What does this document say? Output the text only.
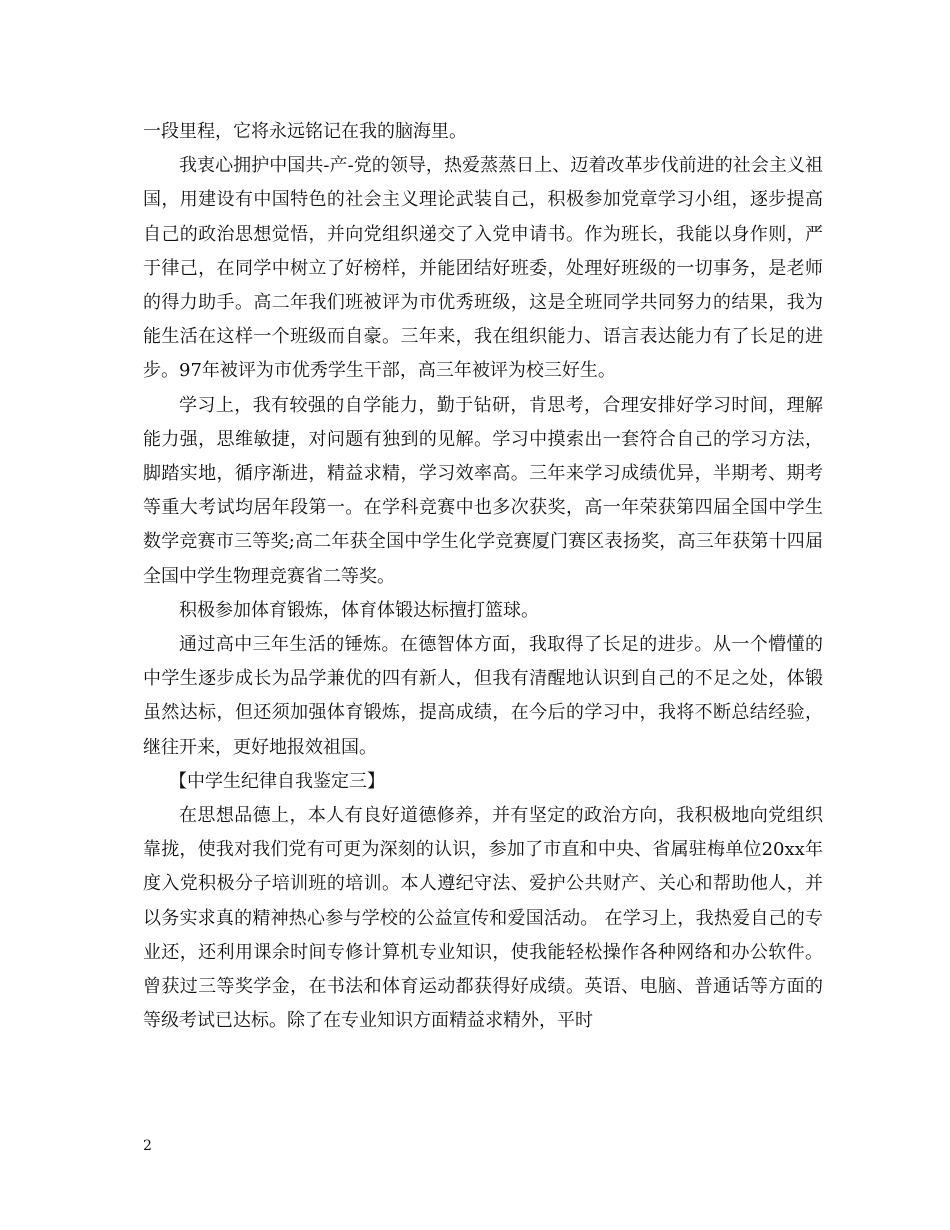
一段里程，它将永远铭记在我的脑海里。

我衷心拥护中国共-产-党的领导，热爱蒸蒸日上、迈着改革步伐前进的社会主义祖国，用建设有中国特色的社会主义理论武装自己，积极参加党章学习小组，逐步提高自己的政治思想觉悟，并向党组织递交了入党申请书。作为班长，我能以身作则，严于律己，在同学中树立了好榜样，并能团结好班委，处理好班级的一切事务，是老师的得力助手。高二年我们班被评为市优秀班级，这是全班同学共同努力的结果，我为能生活在这样一个班级而自豪。三年来，我在组织能力、语言表达能力有了长足的进步。97年被评为市优秀学生干部，高三年被评为校三好生。

学习上，我有较强的自学能力，勤于钻研，肯思考，合理安排好学习时间，理解能力强，思维敏捷，对问题有独到的见解。学习中摸索出一套符合自己的学习方法，脚踏实地，循序渐进，精益求精，学习效率高。三年来学习成绩优异，半期考、期考等重大考试均居年段第一。在学科竞赛中也多次获奖，高一年荣获第四届全国中学生数学竞赛市三等奖;高二年获全国中学生化学竞赛厦门赛区表扬奖，高三年获第十四届全国中学生物理竞赛省二等奖。

积极参加体育锻炼，体育体锻达标擅打篮球。

通过高中三年生活的锤炼。在德智体方面，我取得了长足的进步。从一个懵懂的中学生逐步成长为品学兼优的四有新人，但我有清醒地认识到自己的不足之处，体锻虽然达标，但还须加强体育锻炼，提高成绩，在今后的学习中，我将不断总结经验，继往开来，更好地报效祖国。

【中学生纪律自我鉴定三】

在思想品德上，本人有良好道德修养，并有坚定的政治方向，我积极地向党组织靠拢，使我对我们党有可更为深刻的认识，参加了市直和中央、省属驻梅单位20xx年度入党积极分子培训班的培训。本人遵纪守法、爱护公共财产、关心和帮助他人，并以务实求真的精神热心参与学校的公益宣传和爱国活动。 在学习上，我热爱自己的专业还，还利用课余时间专修计算机专业知识，使我能轻松操作各种网络和办公软件。曾获过三等奖学金，在书法和体育运动都获得好成绩。英语、电脑、普通话等方面的等级考试已达标。除了在专业知识方面精益求精外，平时

2
